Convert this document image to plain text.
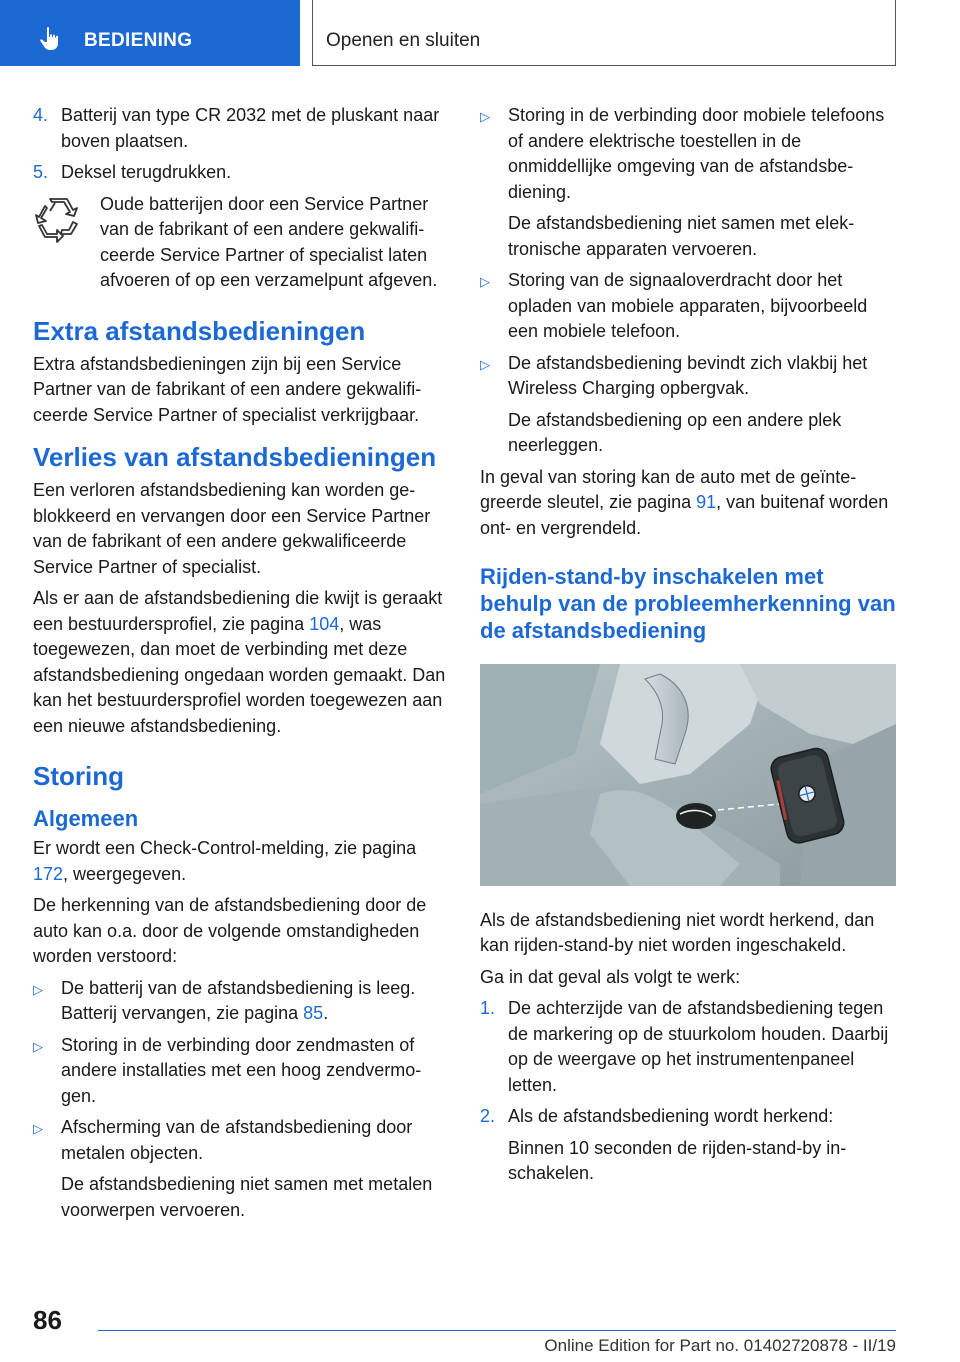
BEDIENING	Openen en sluiten
4. Batterij van type CR 2032 met de pluskant naar boven plaatsen.
5. Deksel terugdrukken.
Oude batterijen door een Service Partner van de fabrikant of een andere gekwalificeerde Service Partner of specialist laten afvoeren of op een verzamelpunt afgeven.
Extra afstandsbedieningen

Extra afstandsbedieningen zijn bij een Service Partner van de fabrikant of een andere gekwalificeerde Service Partner of specialist verkrijgbaar.

Verlies van afstandsbedieningen

Een verloren afstandsbediening kan worden geblokkeerd en vervangen door een Service Partner van de fabrikant of een andere gekwalificeerde Service Partner of specialist.

Als er aan de afstandsbediening die kwijt is geraakt een bestuurdersprofiel, zie pagina 104, was toegewezen, dan moet de verbinding met deze afstandsbediening ongedaan worden gemaakt. Dan kan het bestuurdersprofiel worden toegewezen aan een nieuwe afstandsbediening.

Storing
Algemeen

Er wordt een Check-Control-melding, zie pagina 172, weergegeven.

De herkenning van de afstandsbediening door de auto kan o.a. door de volgende omstandigheden worden verstoord:

▷	De batterij van de afstandsbediening is leeg. Batterij vervangen, zie pagina 85.
▷	Storing in de verbinding door zendmasten of andere installaties met een hoog zendvermogen.
▷	Afscherming van de afstandsbediening door metalen objecten.
De afstandsbediening niet samen met metalen voorwerpen vervoeren.
▷	Storing in de verbinding door mobiele telefoons of andere elektrische toestellen in de onmiddellijke omgeving van de afstandsbediening.
De afstandsbediening niet samen met elektronische apparaten vervoeren.
▷	Storing van de signaaloverdracht door het opladen van mobiele apparaten, bijvoorbeeld een mobiele telefoon.
▷	De afstandsbediening bevindt zich vlakbij het Wireless Charging opbergvak.
De afstandsbediening op een andere plek neerleggen.

In geval van storing kan de auto met de geïntegreerde sleutel, zie pagina 91, van buitenaf worden ont- en vergrendeld.

Rijden-stand-by inschakelen met behulp van de probleemherkenning van de afstandsbediening

Als de afstandsbediening niet wordt herkend, dan kan rijden-stand-by niet worden ingeschakeld.

Ga in dat geval als volgt te werk:

1. De achterzijde van de afstandsbediening tegen de markering op de stuurkolom houden. Daarbij op de weergave op het instrumentenpaneel letten.
2. Als de afstandsbediening wordt herkend:
Binnen 10 seconden de rijden-stand-by inschakelen.
86
Online Edition for Part no. 01402720878 - II/19
